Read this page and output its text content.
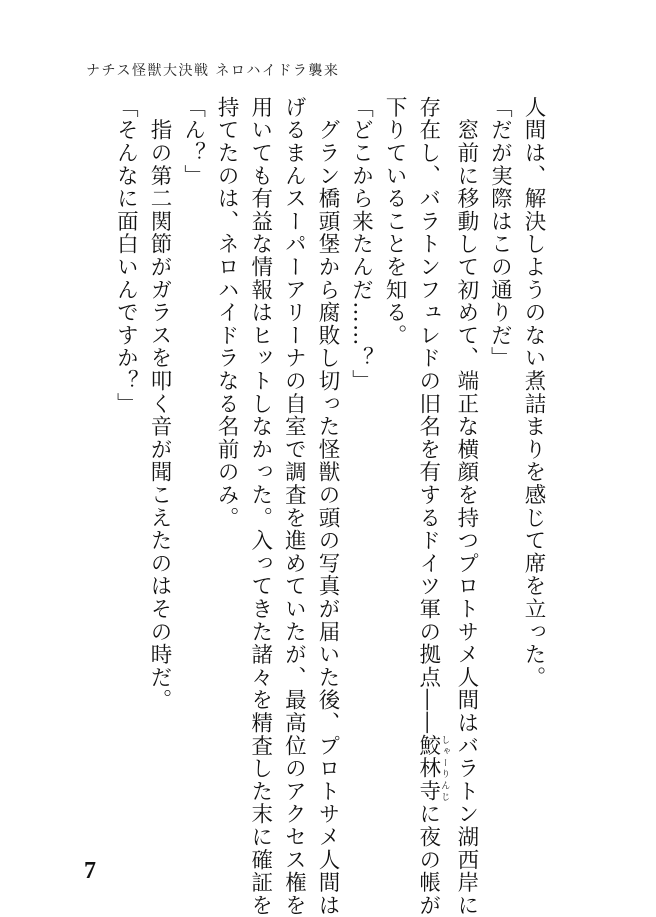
ナチス怪獣大決戦 ネロハイドラ襲来

人間は、解決しようのない煮詰まりを感じて席を立った。

「だが実際はこの通りだ」

　窓前に移動して初めて、端正な横顔を持つプロトサメ人間はバラトン湖西岸に

存在し、バラトンフュレドの旧名を有するドイツ軍の拠点――鮫林寺しゃーりんじに夜の帳が

下りていることを知る。

「どこから来たんだ……？」

　グラン橋頭堡から腐敗し切った怪獣の頭の写真が届いた後、プロトサメ人間は

げるまんスーパーアリーナの自室で調査を進めていたが、最高位のアクセス権を

用いても有益な情報はヒットしなかった。入ってきた諸々を精査した末に確証を

持てたのは、ネロハイドラなる名前のみ。

「ん？」

　指の第二関節がガラスを叩く音が聞こえたのはその時だ。

「そんなに面白いんですか？」

7
